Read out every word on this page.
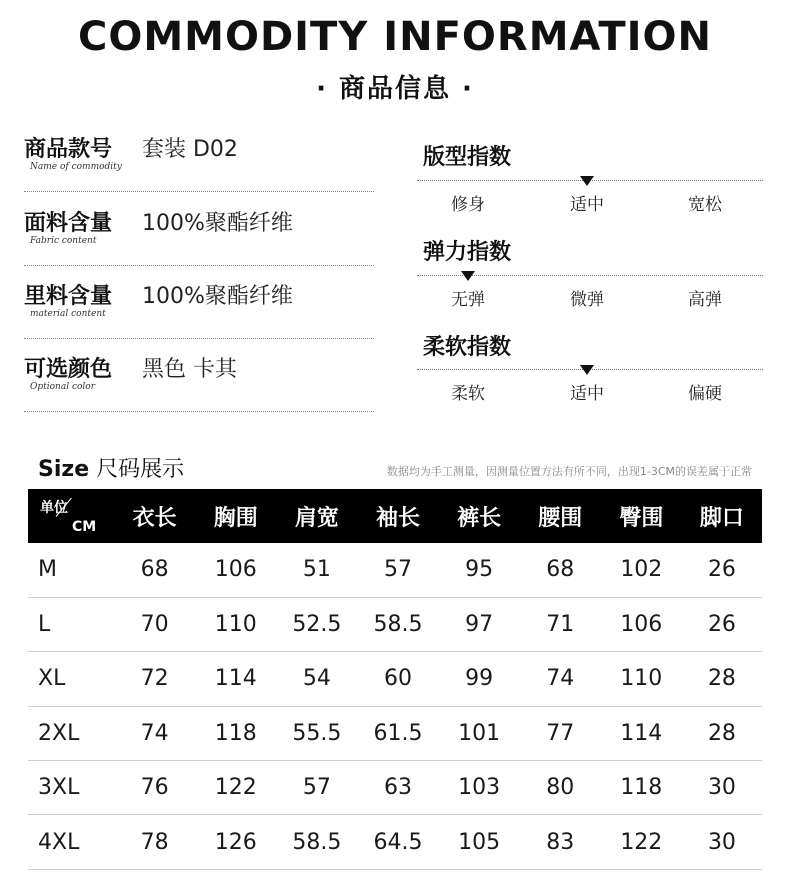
COMMODITY INFORMATION
· 商品信息 ·
商品款号
Name of commodity
套装 D02
面料含量
Fabric content
100%聚酯纤维
里料含量
material content
100%聚酯纤维
可选颜色
Optional color
黑色 卡其
版型指数
修身	适中	宽松
弹力指数
无弹	微弹	高弹
柔软指数
柔软	适中	偏硬
Size 尺码展示	数据均为手工测量，因测量位置方法有所不同，出现1-3CM的误差属于正常
单位
CM	衣长	胸围	肩宽	袖长	裤长	腰围	臀围	脚口
M	68	106	51	57	95	68	102	26
L	70	110	52.5	58.5	97	71	106	26
XL	72	114	54	60	99	74	110	28
2XL	74	118	55.5	61.5	101	77	114	28
3XL	76	122	57	63	103	80	118	30
4XL	78	126	58.5	64.5	105	83	122	30
